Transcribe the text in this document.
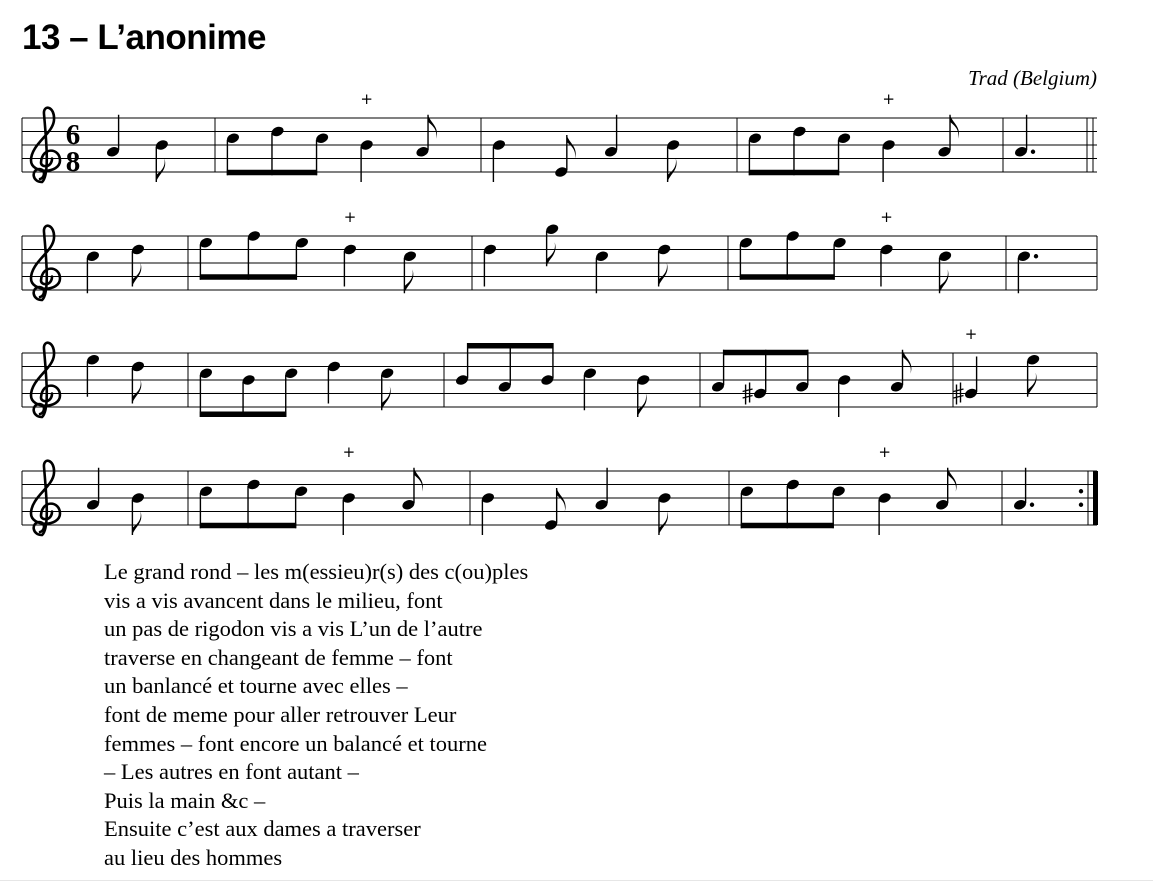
13 – L’anonime
Trad (Belgium)
6
8
+	+
+	+
+
+	+
Le grand rond – les m(essieu)r(s) des c(ou)ples
vis a vis avancent dans le milieu, font
un pas de rigodon vis a vis L’un de l’autre
traverse en changeant de femme – font
un banlancé et tourne avec elles –
font de meme pour aller retrouver Leur
femmes – font encore un balancé et tourne
– Les autres en font autant –
Puis la main &c –
Ensuite c’est aux dames a traverser
au lieu des hommes
